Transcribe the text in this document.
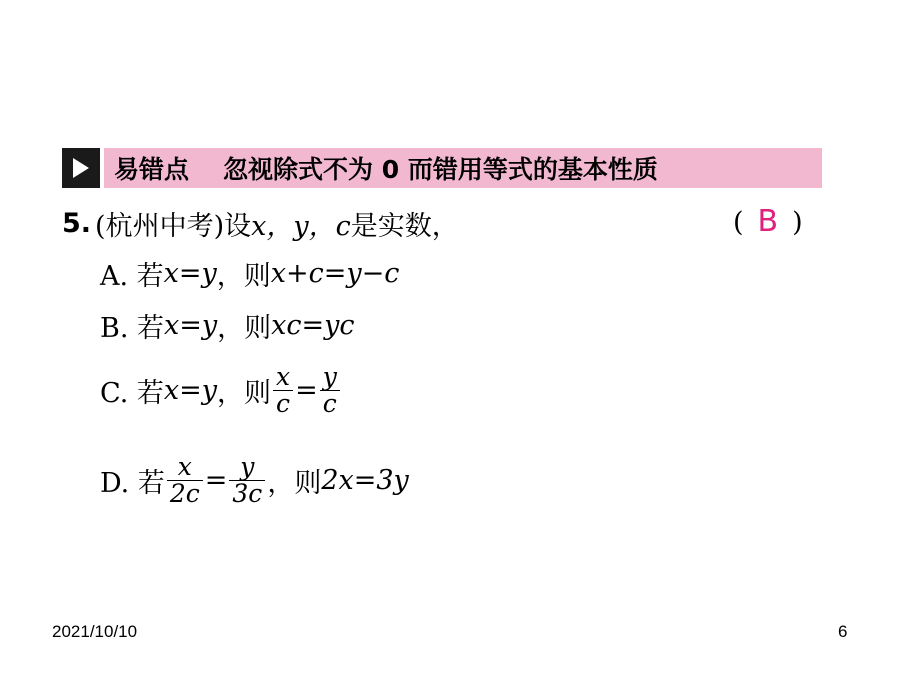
易错点 忽视除式不为 0 而错用等式的基本性质
5. (杭州中考) 设 x，y，c 是实数，	( B )
A. 若 x=y ，则 x+c=y−c
B. 若 x=y ，则 xc=yc
C. 若 x=y ，则 $\frac{x}{c} = \frac{y}{c}$
D. 若 $\frac{x}{2c} = \frac{y}{3c}$ ，则 2x=3y
2021/10/10	6
